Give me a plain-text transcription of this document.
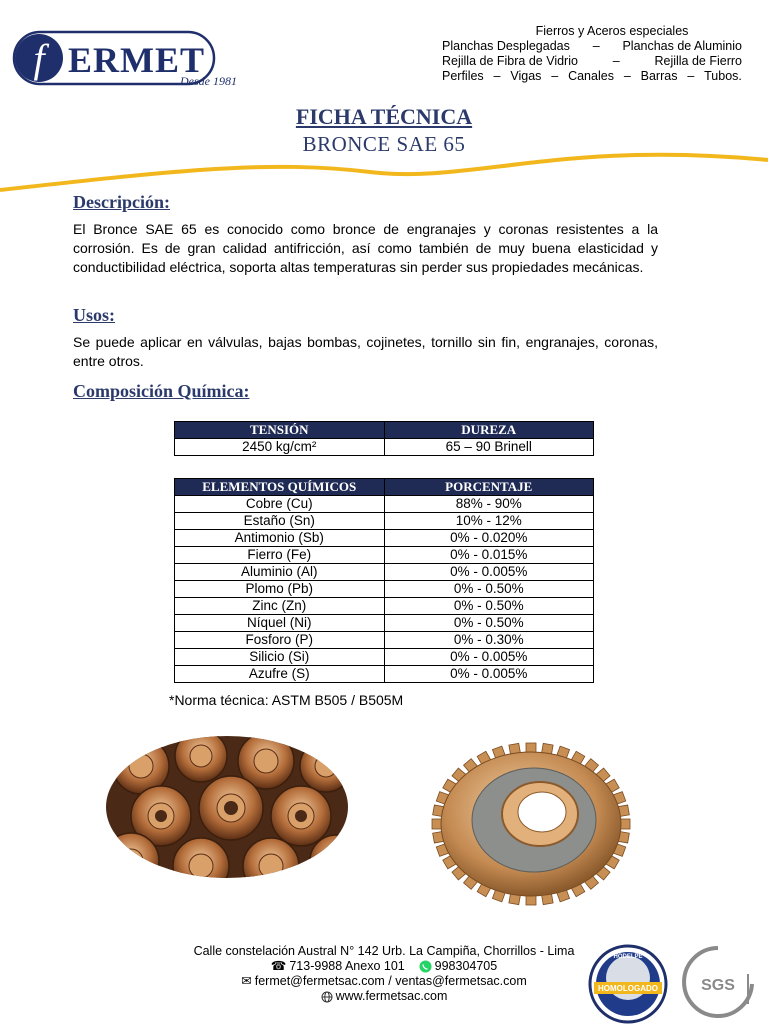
f ERMET
Desde 1981
Fierros y Aceros especiales
Planchas Desplegadas – Planchas de Aluminio
Rejilla de Fibra de Vidrio	–	Rejilla de Fierro
Perfiles – Vigas – Canales – Barras – Tubos.
FICHA TÉCNICA
BRONCE SAE 65
Descripción:
El Bronce SAE 65 es conocido como bronce de engranajes y coronas resistentes a la corrosión. Es de gran calidad antifricción, así como también de muy buena elasticidad y conductibilidad eléctrica, soporta altas temperaturas sin perder sus propiedades mecánicas.
Usos:
Se puede aplicar en válvulas, bajas bombas, cojinetes, tornillo sin fin, engranajes, coronas, entre otros.
Composición Química:
TENSIÓN	DUREZA
2450 kg/cm²	65 – 90 Brinell
ELEMENTOS QUÍMICOS	PORCENTAJE
Cobre (Cu)	88% - 90%
Estaño (Sn)	10% - 12%
Antimonio (Sb)	0% - 0.020%
Fierro (Fe)	0% - 0.015%
Aluminio (Al)	0% - 0.005%
Plomo (Pb)	0% - 0.50%
Zinc (Zn)	0% - 0.50%
Níquel (Ni)	0% - 0.50%
Fosforo (P)	0% - 0.30%
Silicio (Si)	0% - 0.005%
Azufre (S)	0% - 0.005%
*Norma técnica: ASTM B505 / B505M
Calle constelación Austral N° 142 Urb. La Campiña, Chorrillos - Lima
☎ 713-9988 Anexo 101 998304705
✉ fermet@fermetsac.com / ventas@fermetsac.com
www.fermetsac.com
HODELPE
HOMOLOGADO	SGS
